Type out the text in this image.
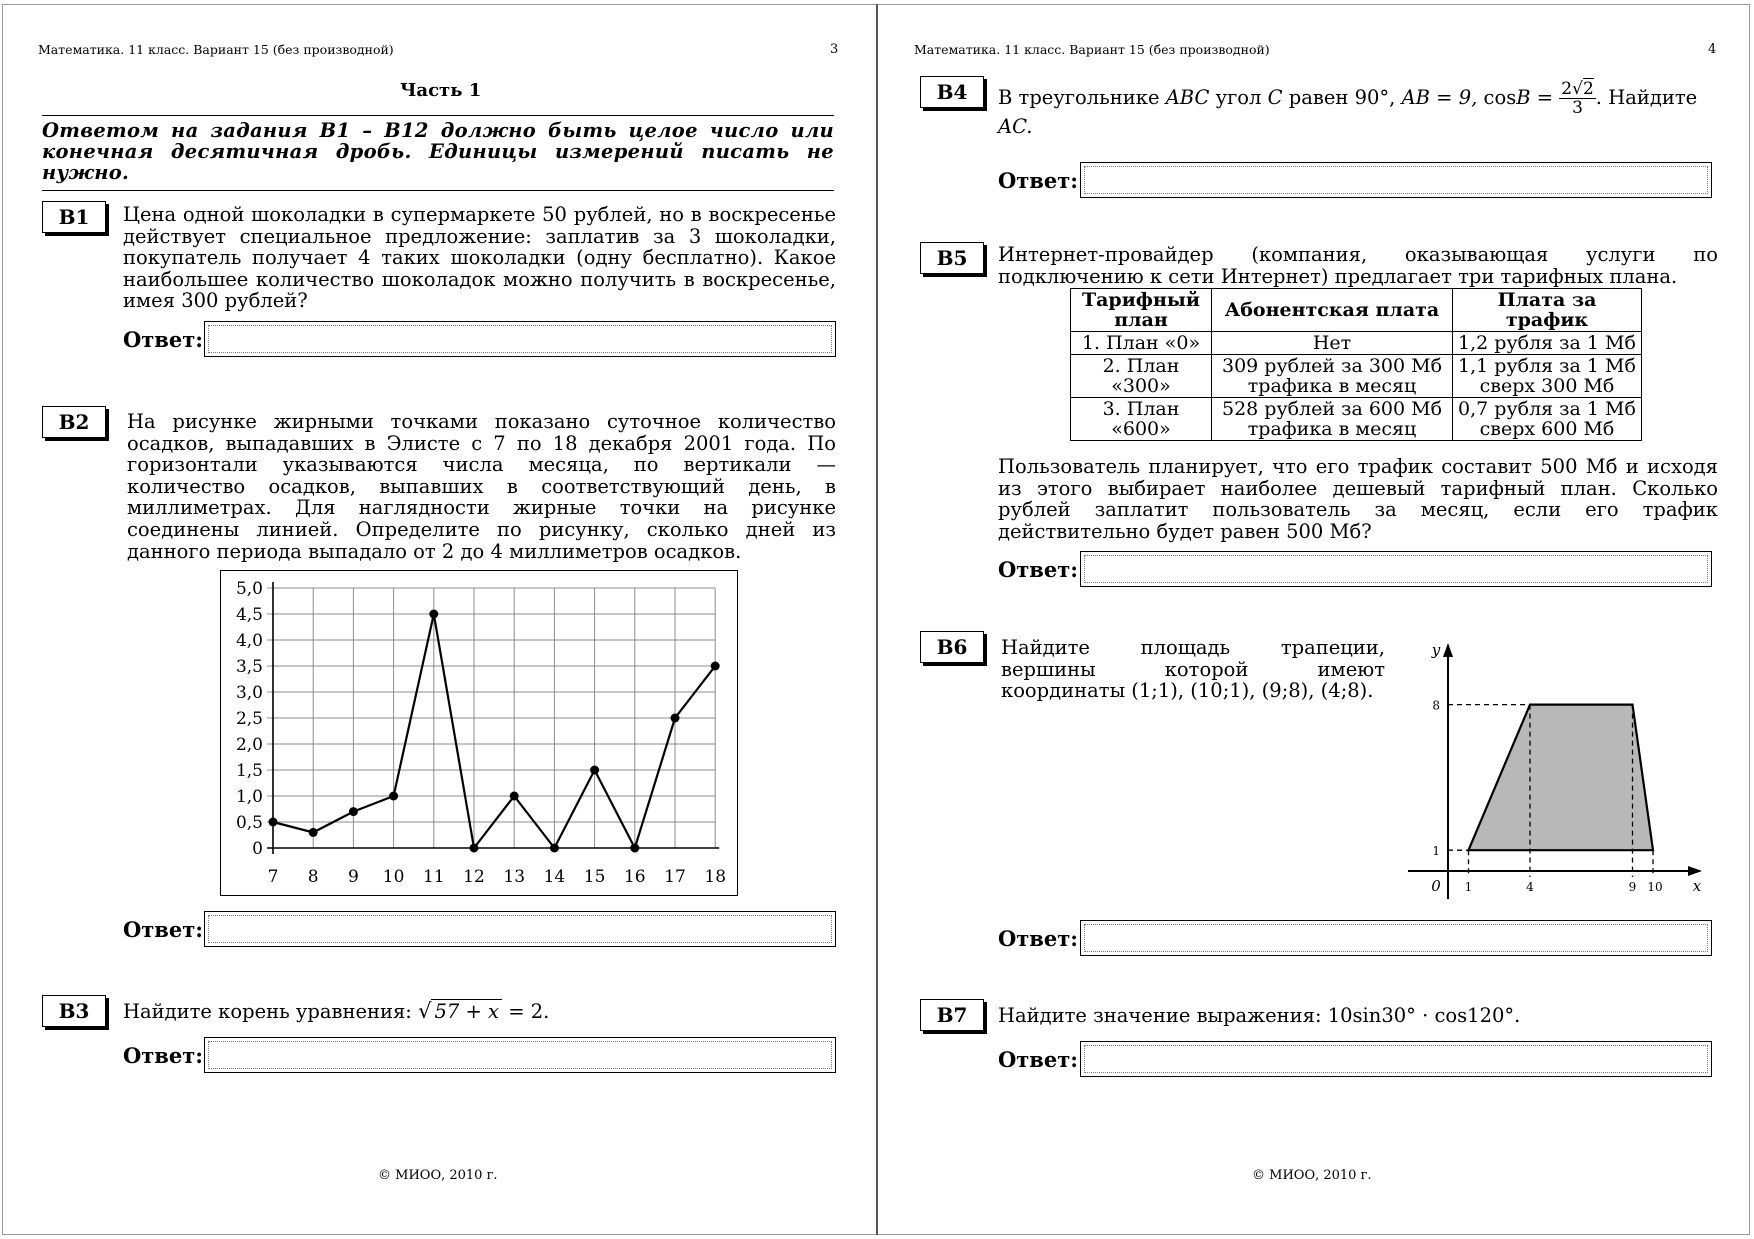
Математика. 11 класс. Вариант 15 (без производной)	3
Часть 1
Ответом на задания В1 – В12 должно быть целое число или конечная десятичная дробь. Единицы измерений писать не нужно.
B1	Цена одной шоколадки в супермаркете 50 рублей, но в воскресенье действует специальное предложение: заплатив за 3 шоколадки, покупатель получает 4 таких шоколадки (одну бесплатно). Какое наибольшее количество шоколадок можно получить в воскресенье, имея 300 рублей?
Ответ:
B2	На рисунке жирными точками показано суточное количество осадков, выпадавших в Элисте с 7 по 18 декабря 2001 года. По горизонтали указываются числа месяца, по вертикали — количество осадков, выпавших в соответствующий день, в миллиметрах. Для наглядности жирные точки на рисунке соединены линией. Определите по рисунку, сколько дней из данного периода выпадало от 2 до 4 миллиметров осадков.
0
0,5
1,0
1,5
2,0
2,5
3,0
3,5
4,0
4,5
5,0
7 8 9 10 11 12 13 14 15 16 17 18
Ответ:
B3	Найдите корень уравнения: √ 57 + x = 2.
Ответ:
© МИОО, 2010 г.
Математика. 11 класс. Вариант 15 (без производной)	4
B4	В треугольнике ABC угол C равен 90°, AB = 9, $\cos B = \frac{2√2}{3}$ . Найдите
AC.
Ответ:
B5	Интернет-провайдер (компания, оказывающая услуги по подключению к сети Интернет) предлагает три тарифных плана.
Тарифный план	Абонентская плата	Плата за трафик
1. План «0»	Нет	1,2 рубля за 1 Мб
2. План «300»	309 рублей за 300 Мб трафика в месяц	1,1 рубля за 1 Мб сверх 300 Мб
3. План «600»	528 рублей за 600 Мб трафика в месяц	0,7 рубля за 1 Мб сверх 600 Мб
Пользователь планирует, что его трафик составит 500 Мб и исходя из этого выбирает наиболее дешевый тарифный план. Сколько рублей заплатит пользователь за месяц, если его трафик действительно будет равен 500 Мб?
Ответ:
B6	Найдите площадь трапеции, вершины которой имеют координаты (1;1), (10;1), (9;8), (4;8).
y
x
0
1
8
1	4	9 10
Ответ:
B7	Найдите значение выражения: 10sin30° · cos120°.
Ответ:
© МИОО, 2010 г.
